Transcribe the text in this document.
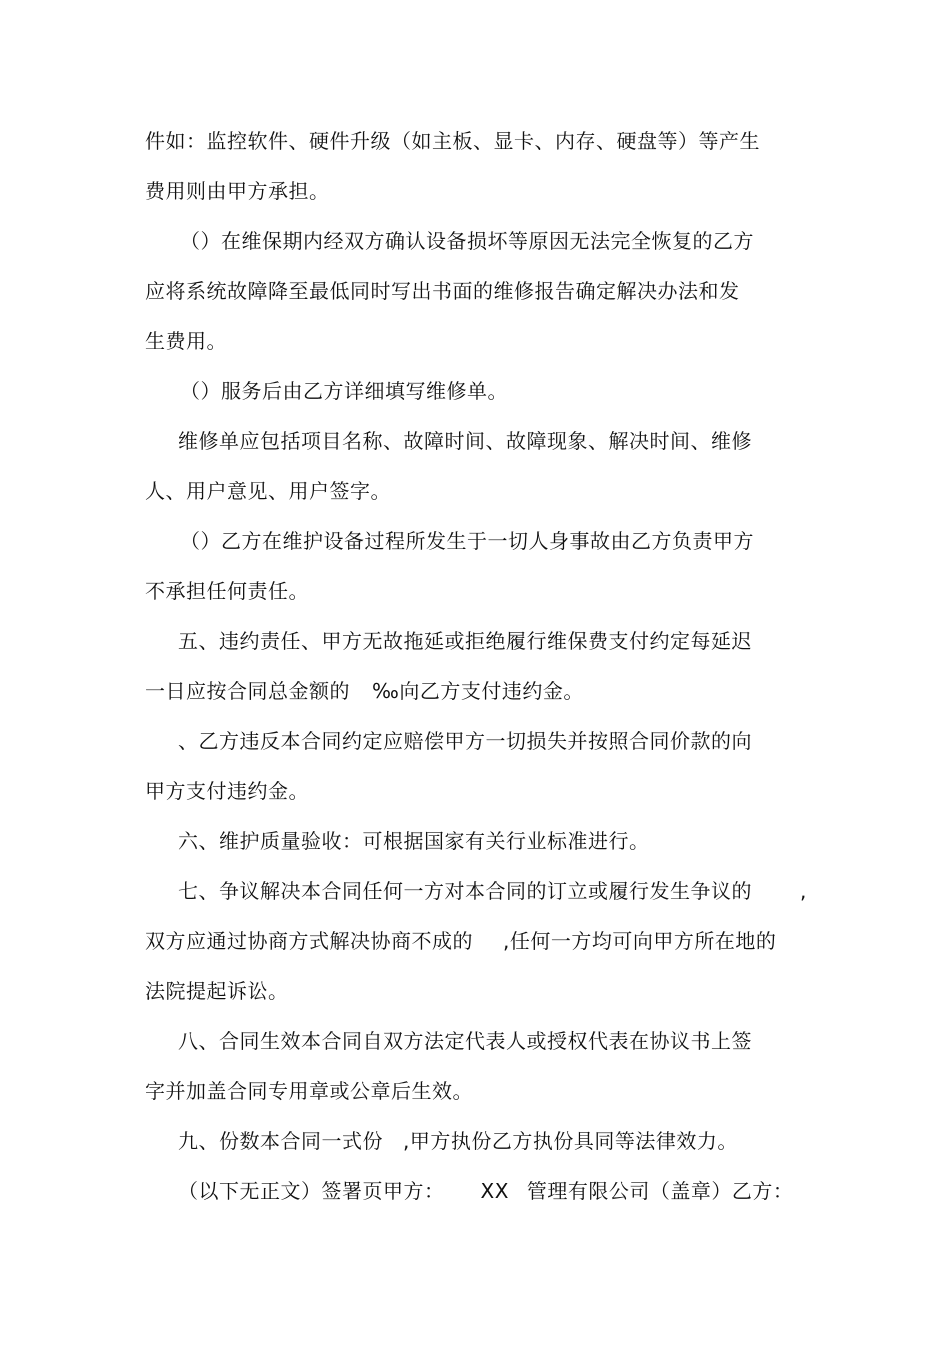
件如：监控软件、硬件升级（如主板、显卡、内存、硬盘等）等产生
费用则由甲方承担。
（）在维保期内经双方确认设备损坏等原因无法完全恢复的乙方
应将系统故障降至最低同时写出书面的维修报告确定解决办法和发
生费用。
（）服务后由乙方详细填写维修单。
维修单应包括项目名称、故障时间、故障现象、解决时间、维修
人、用户意见、用户签字。
（）乙方在维护设备过程所发生于一切人身事故由乙方负责甲方
不承担任何责任。
五、违约责任、甲方无故拖延或拒绝履行维保费支付约定每延迟
一日应按合同总金额的 ‰向乙方支付违约金。
、乙方违反本合同约定应赔偿甲方一切损失并按照合同价款的向
甲方支付违约金。
六、维护质量验收：可根据国家有关行业标准进行。
七、争议解决本合同任何一方对本合同的订立或履行发生争议的 ,
双方应通过协商方式解决协商不成的 ,任何一方均可向甲方所在地的
法院提起诉讼。
八、合同生效本合同自双方法定代表人或授权代表在协议书上签
字并加盖合同专用章或公章后生效。
九、份数本合同一式份 ,甲方执份乙方执份具同等法律效力。
（以下无正文）签署页甲方： XX 管理有限公司（盖章）乙方：
